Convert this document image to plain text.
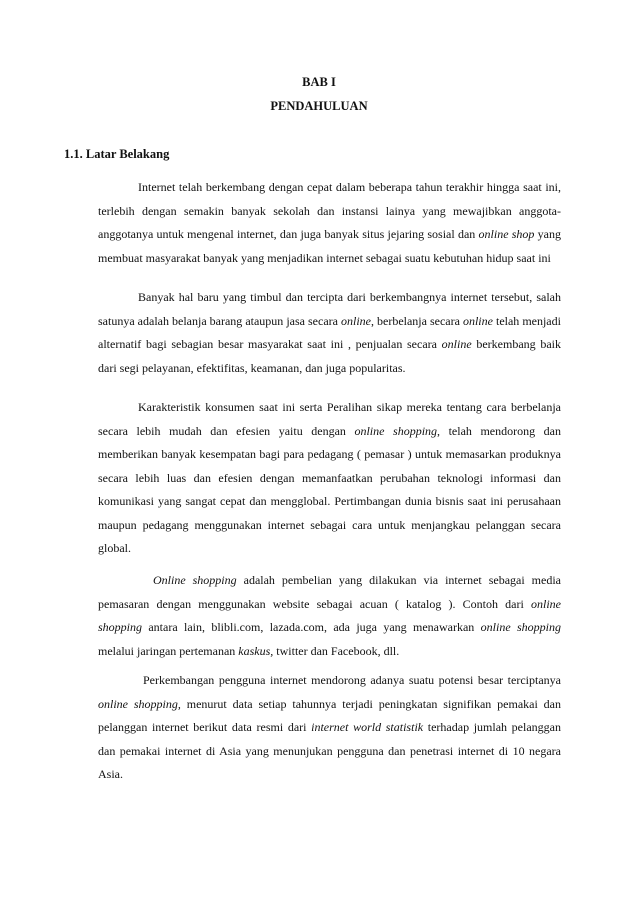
BAB I
PENDAHULUAN
1.1. Latar Belakang

Internet telah berkembang dengan cepat dalam beberapa tahun terakhir hingga saat ini, terlebih dengan semakin banyak sekolah dan instansi lainya yang mewajibkan anggota-anggotanya untuk mengenal internet, dan juga banyak situs jejaring sosial dan online shop yang membuat masyarakat banyak yang menjadikan internet sebagai suatu kebutuhan hidup saat ini

Banyak hal baru yang timbul dan tercipta dari berkembangnya internet tersebut, salah satunya adalah belanja barang ataupun jasa secara online, berbelanja secara online telah menjadi alternatif bagi sebagian besar masyarakat saat ini , penjualan secara online berkembang baik dari segi pelayanan, efektifitas, keamanan, dan juga popularitas.

Karakteristik konsumen saat ini serta Peralihan sikap mereka tentang cara berbelanja secara lebih mudah dan efesien yaitu dengan online shopping, telah mendorong dan memberikan banyak kesempatan bagi para pedagang ( pemasar ) untuk memasarkan produknya secara lebih luas dan efesien dengan memanfaatkan perubahan teknologi informasi dan komunikasi yang sangat cepat dan mengglobal. Pertimbangan dunia bisnis saat ini perusahaan maupun pedagang menggunakan internet sebagai cara untuk menjangkau pelanggan secara global.

Online shopping adalah pembelian yang dilakukan via internet sebagai media pemasaran dengan menggunakan website sebagai acuan ( katalog ). Contoh dari online shopping antara lain, blibli.com, lazada.com, ada juga yang menawarkan online shopping melalui jaringan pertemanan kaskus, twitter dan Facebook, dll.

Perkembangan pengguna internet mendorong adanya suatu potensi besar terciptanya online shopping, menurut data setiap tahunnya terjadi peningkatan signifikan pemakai dan pelanggan internet berikut data resmi dari internet world statistik terhadap jumlah pelanggan dan pemakai internet di Asia yang menunjukan pengguna dan penetrasi internet di 10 negara Asia.
